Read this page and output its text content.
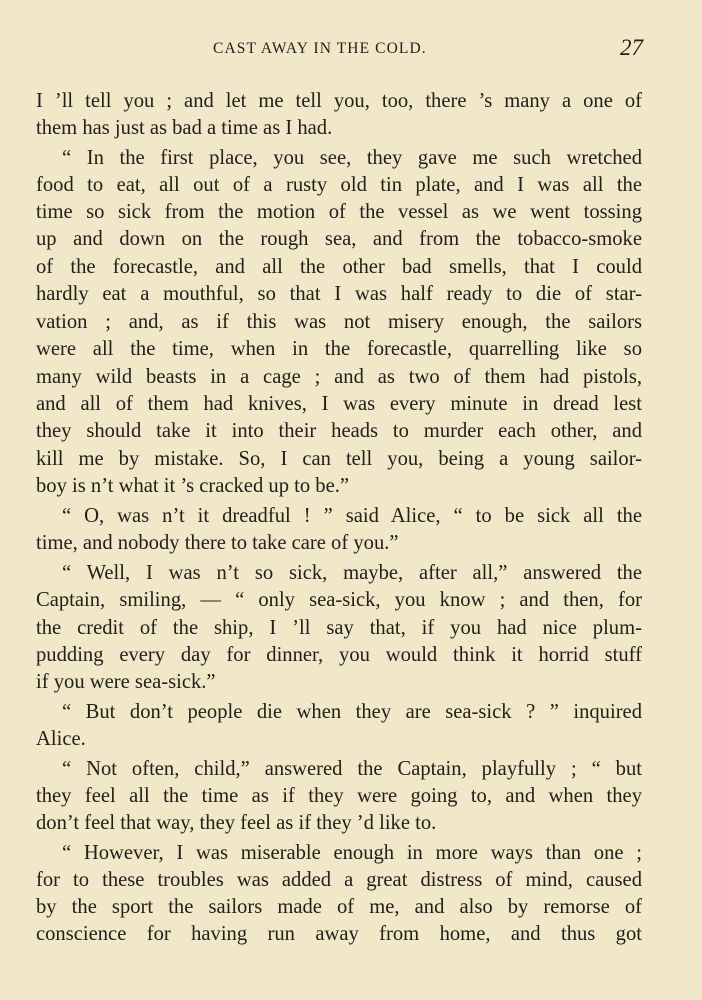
CAST AWAY IN THE COLD.	27
I ’ll tell you ; and let me tell you, too, there ’s many a one of
them has just as bad a time as I had.
“ In the first place, you see, they gave me such wretched
food to eat, all out of a rusty old tin plate, and I was all the
time so sick from the motion of the vessel as we went tossing
up and down on the rough sea, and from the tobacco-smoke
of the forecastle, and all the other bad smells, that I could
hardly eat a mouthful, so that I was half ready to die of star-
vation ; and, as if this was not misery enough, the sailors
were all the time, when in the forecastle, quarrelling like so
many wild beasts in a cage ; and as two of them had pistols,
and all of them had knives, I was every minute in dread lest
they should take it into their heads to murder each other, and
kill me by mistake. So, I can tell you, being a young sailor-
boy is n’t what it ’s cracked up to be.”
“ O, was n’t it dreadful ! ” said Alice, “ to be sick all the
time, and nobody there to take care of you.”
“ Well, I was n’t so sick, maybe, after all,” answered the
Captain, smiling, — “ only sea-sick, you know ; and then, for
the credit of the ship, I ’ll say that, if you had nice plum-
pudding every day for dinner, you would think it horrid stuff
if you were sea-sick.”
“ But don’t people die when they are sea-sick ? ” inquired
Alice.
“ Not often, child,” answered the Captain, playfully ; “ but
they feel all the time as if they were going to, and when they
don’t feel that way, they feel as if they ’d like to.
“ However, I was miserable enough in more ways than one ;
for to these troubles was added a great distress of mind, caused
by the sport the sailors made of me, and also by remorse of
conscience for having run away from home, and thus got
